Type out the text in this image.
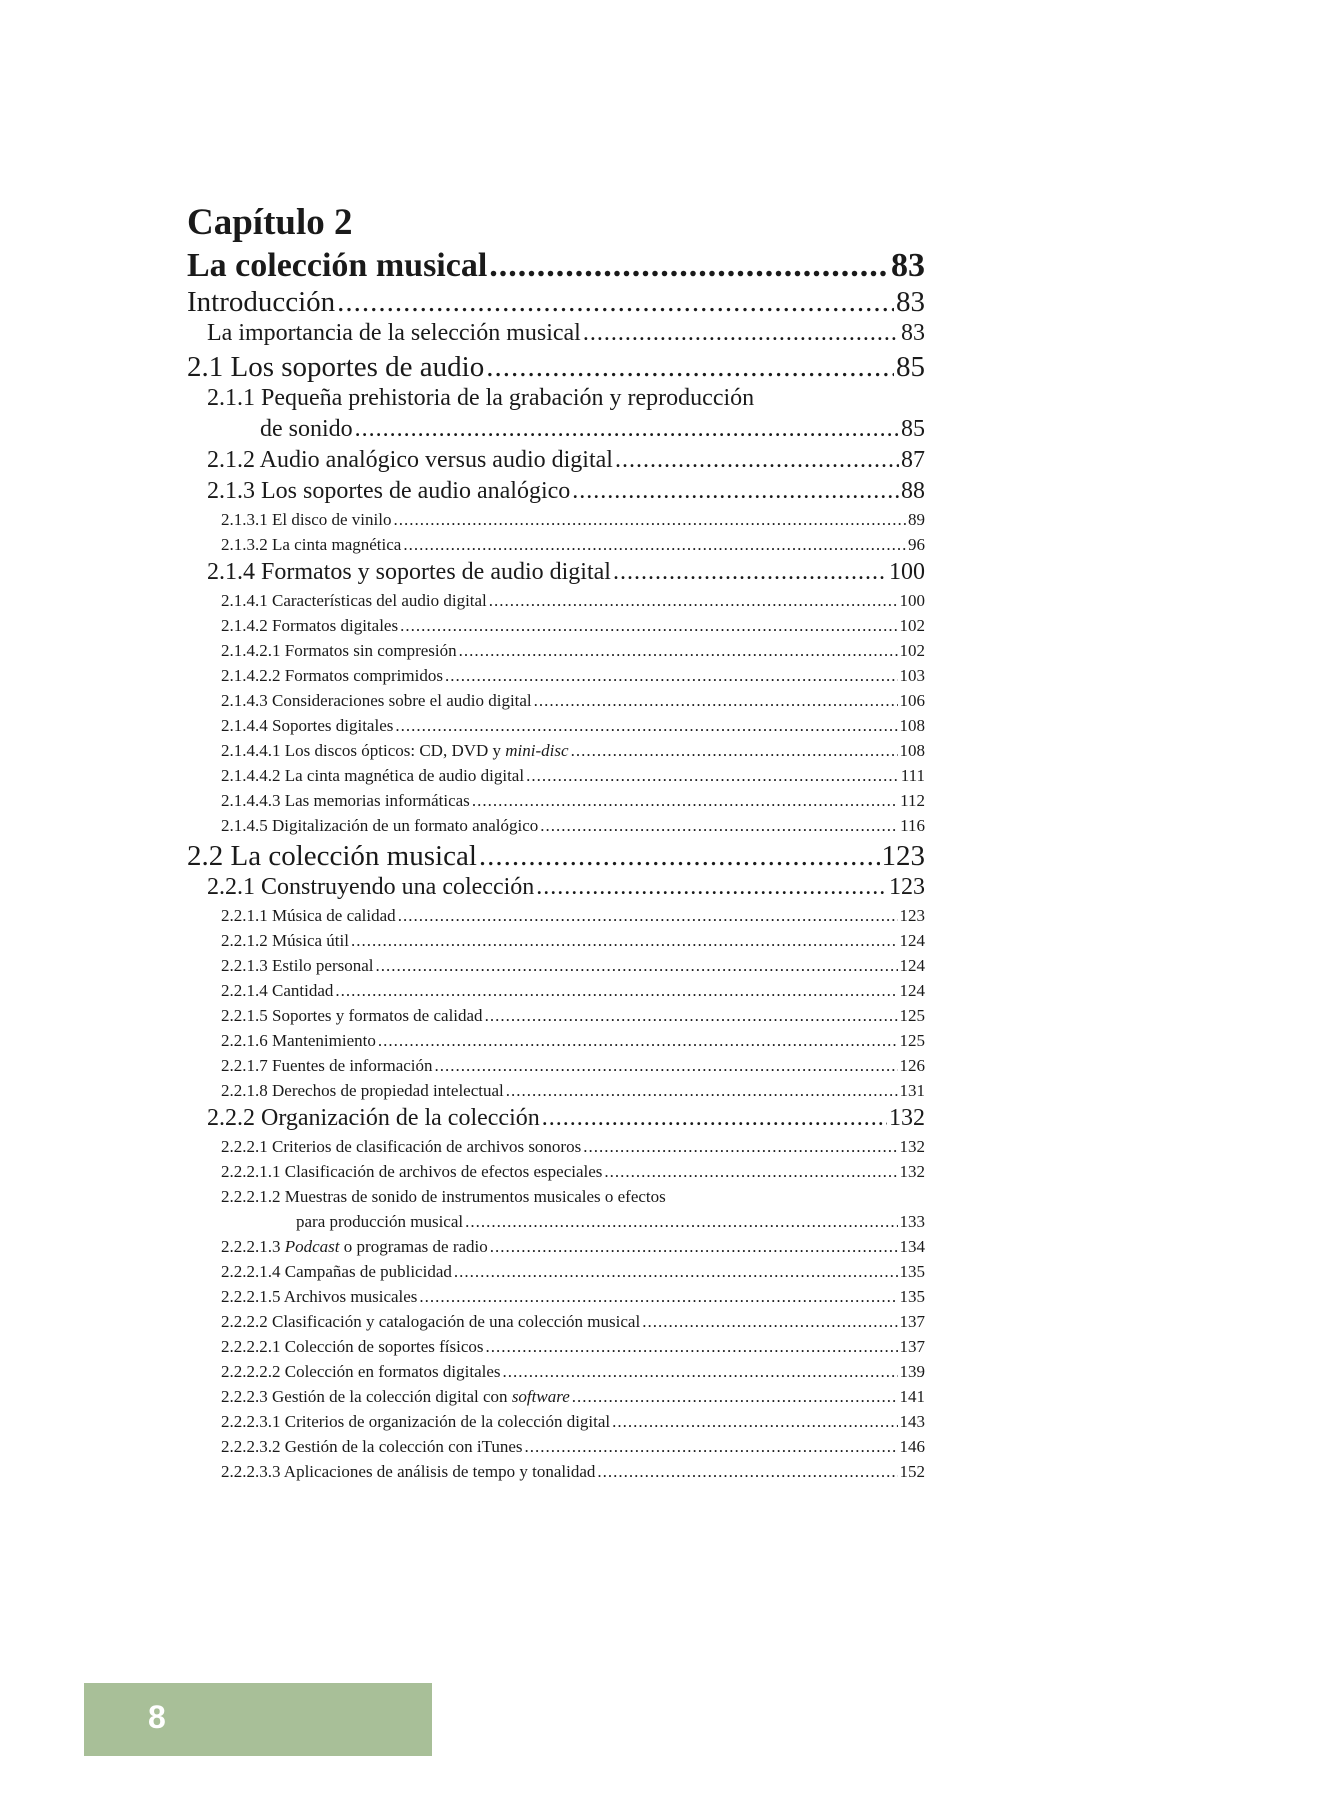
Capítulo 2
La colección musical .....	83
Introducción .....	83
La importancia de la selección musical .....	83
2.1 Los soportes de audio .....	85
2.1.1 Pequeña prehistoria de la grabación y reproducción
de sonido .....	85
2.1.2 Audio analógico versus audio digital .....	87
2.1.3 Los soportes de audio analógico .....	88
2.1.3.1 El disco de vinilo .....	89
2.1.3.2 La cinta magnética .....	96
2.1.4 Formatos y soportes de audio digital .....	100
2.1.4.1 Características del audio digital .....	100
2.1.4.2 Formatos digitales .....	102
2.1.4.2.1 Formatos sin compresión .....	102
2.1.4.2.2 Formatos comprimidos .....	103
2.1.4.3 Consideraciones sobre el audio digital .....	106
2.1.4.4 Soportes digitales .....	108
2.1.4.4.1 Los discos ópticos: CD, DVD y mini-disc .....	108
2.1.4.4.2 La cinta magnética de audio digital .....	111
2.1.4.4.3 Las memorias informáticas .....	112
2.1.4.5 Digitalización de un formato analógico .....	116
2.2 La colección musical .....	123
2.2.1 Construyendo una colección .....	123
2.2.1.1 Música de calidad .....	123
2.2.1.2 Música útil .....	124
2.2.1.3 Estilo personal .....	124
2.2.1.4 Cantidad .....	124
2.2.1.5 Soportes y formatos de calidad .....	125
2.2.1.6 Mantenimiento .....	125
2.2.1.7 Fuentes de información .....	126
2.2.1.8 Derechos de propiedad intelectual .....	131
2.2.2 Organización de la colección .....	132
2.2.2.1 Criterios de clasificación de archivos sonoros .....	132
2.2.2.1.1 Clasificación de archivos de efectos especiales .....	132
2.2.2.1.2 Muestras de sonido de instrumentos musicales o efectos
para producción musical .....	133
2.2.2.1.3 Podcast o programas de radio .....	134
2.2.2.1.4 Campañas de publicidad .....	135
2.2.2.1.5 Archivos musicales .....	135
2.2.2.2 Clasificación y catalogación de una colección musical .....	137
2.2.2.2.1 Colección de soportes físicos .....	137
2.2.2.2.2 Colección en formatos digitales .....	139
2.2.2.3 Gestión de la colección digital con software .....	141
2.2.2.3.1 Criterios de organización de la colección digital .....	143
2.2.2.3.2 Gestión de la colección con iTunes .....	146
2.2.2.3.3 Aplicaciones de análisis de tempo y tonalidad .....	152
8
